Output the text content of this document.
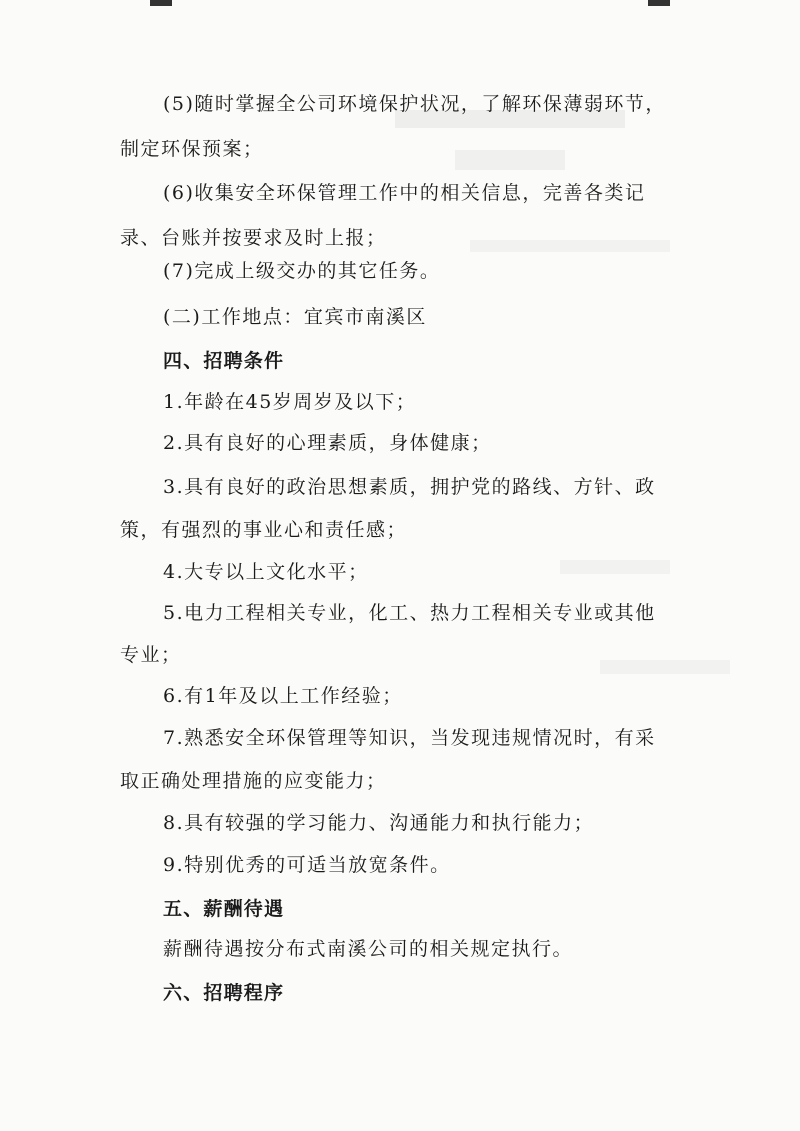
(5)随时掌握全公司环境保护状况，了解环保薄弱环节，
制定环保预案；
(6)收集安全环保管理工作中的相关信息，完善各类记
录、台账并按要求及时上报；
(7)完成上级交办的其它任务。
(二)工作地点：宜宾市南溪区
四、招聘条件
1.年龄在45岁周岁及以下；
2.具有良好的心理素质，身体健康；
3.具有良好的政治思想素质，拥护党的路线、方针、政
策，有强烈的事业心和责任感；
4.大专以上文化水平；
5.电力工程相关专业，化工、热力工程相关专业或其他
专业；
6.有1年及以上工作经验；
7.熟悉安全环保管理等知识，当发现违规情况时，有采
取正确处理措施的应变能力；
8.具有较强的学习能力、沟通能力和执行能力；
9.特别优秀的可适当放宽条件。
五、薪酬待遇
薪酬待遇按分布式南溪公司的相关规定执行。
六、招聘程序
